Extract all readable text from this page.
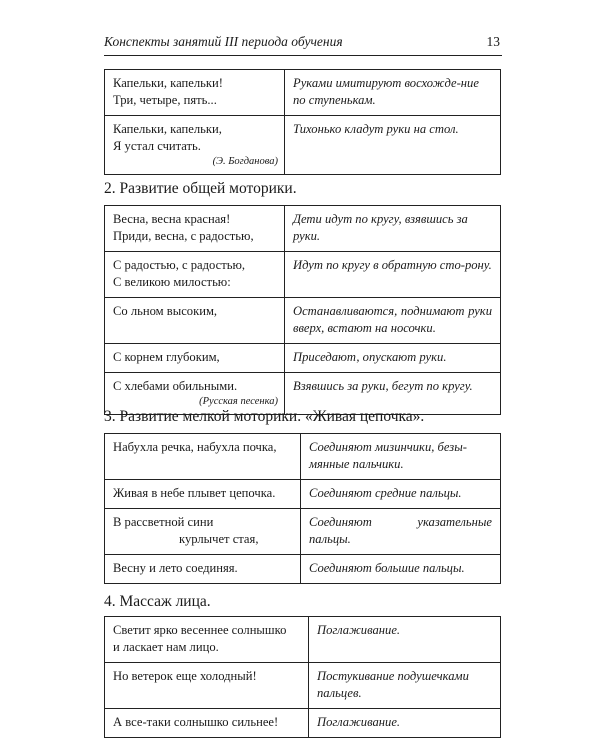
Конспекты занятий III периода обучения	13
Капельки, капельки!
Три, четыре, пять...	Руками имитируют восхожде-ние по ступенькам.

Капельки, капельки,
Я устал считать.
(Э. Богданова)	Тихонько кладут руки на стол.
2. Развитие общей моторики.
Весна, весна красная!
Приди, весна, с радостью,	Дети идут по кругу, взявшись за руки.

С радостью, с радостью,
С великою милостью:	Идут по кругу в обратную сто-рону.

Со льном высоким,	Останавливаются, поднимают руки вверх, встают на носочки.

С корнем глубоким,	Приседают, опускают руки.

С хлебами обильными.
(Русская песенка)	Взявшись за руки, бегут по кругу.
3. Развитие мелкой моторики. «Живая цепочка».
Набухла речка, набухла почка,	Соединяют мизинчики, безы-мянные пальчики.

Живая в небе плывет цепочка.	Соединяют средние пальцы.

В рассветной сини
курлычет стая,	Соединяют указательные пальцы.

Весну и лето соединяя.	Соединяют большие пальцы.
4. Массаж лица.
Светит ярко весеннее солнышко
и ласкает нам лицо.	Поглаживание.

Но ветерок еще холодный!	Постукивание подушечками пальцев.

А все-таки солнышко сильнее!	Поглаживание.
